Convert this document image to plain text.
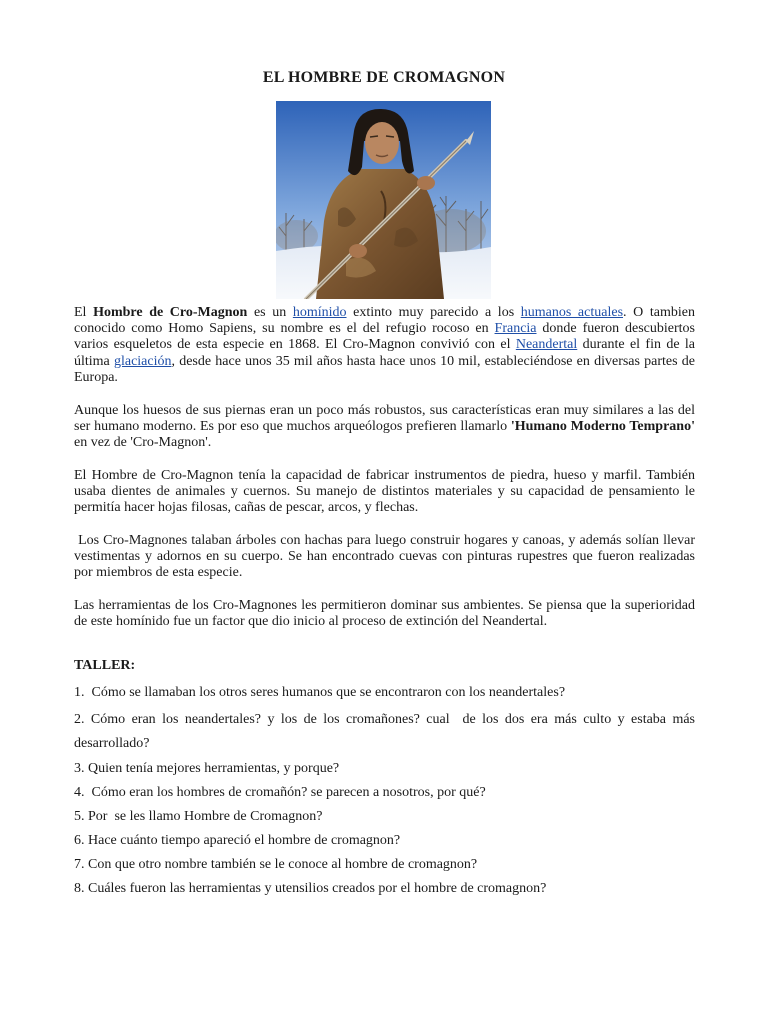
EL HOMBRE DE CROMAGNON

El Hombre de Cro-Magnon es un homínido extinto muy parecido a los humanos actuales. O tambien conocido como Homo Sapiens, su nombre es el del refugio rocoso en Francia donde fueron descubiertos varios esqueletos de esta especie en 1868. El Cro-Magnon convivió con el Neandertal durante el fin de la última glaciación, desde hace unos 35 mil años hasta hace unos 10 mil, estableciéndose en diversas partes de Europa.

Aunque los huesos de sus piernas eran un poco más robustos, sus características eran muy similares a las del ser humano moderno. Es por eso que muchos arqueólogos prefieren llamarlo 'Humano Moderno Temprano' en vez de 'Cro-Magnon'.

El Hombre de Cro-Magnon tenía la capacidad de fabricar instrumentos de piedra, hueso y marfil. También usaba dientes de animales y cuernos. Su manejo de distintos materiales y su capacidad de pensamiento le permitía hacer hojas filosas, cañas de pescar, arcos, y flechas.

Los Cro-Magnones talaban árboles con hachas para luego construir hogares y canoas, y además solían llevar vestimentas y adornos en su cuerpo. Se han encontrado cuevas con pinturas rupestres que fueron realizadas por miembros de esta especie.

Las herramientas de los Cro-Magnones les permitieron dominar sus ambientes. Se piensa que la superioridad de este homínido fue un factor que dio inicio al proceso de extinción del Neandertal.

TALLER:
1.  Cómo se llamaban los otros seres humanos que se encontraron con los neandertales?
2. Cómo eran los neandertales? y los de los cromañones? cual  de los dos era más culto y estaba más desarrollado?
3. Quien tenía mejores herramientas, y porque?
4.  Cómo eran los hombres de cromañón? se parecen a nosotros, por qué?
5. Por  se les llamo Hombre de Cromagnon?
6. Hace cuánto tiempo apareció el hombre de cromagnon?
7. Con que otro nombre también se le conoce al hombre de cromagnon?
8. Cuáles fueron las herramientas y utensilios creados por el hombre de cromagnon?
